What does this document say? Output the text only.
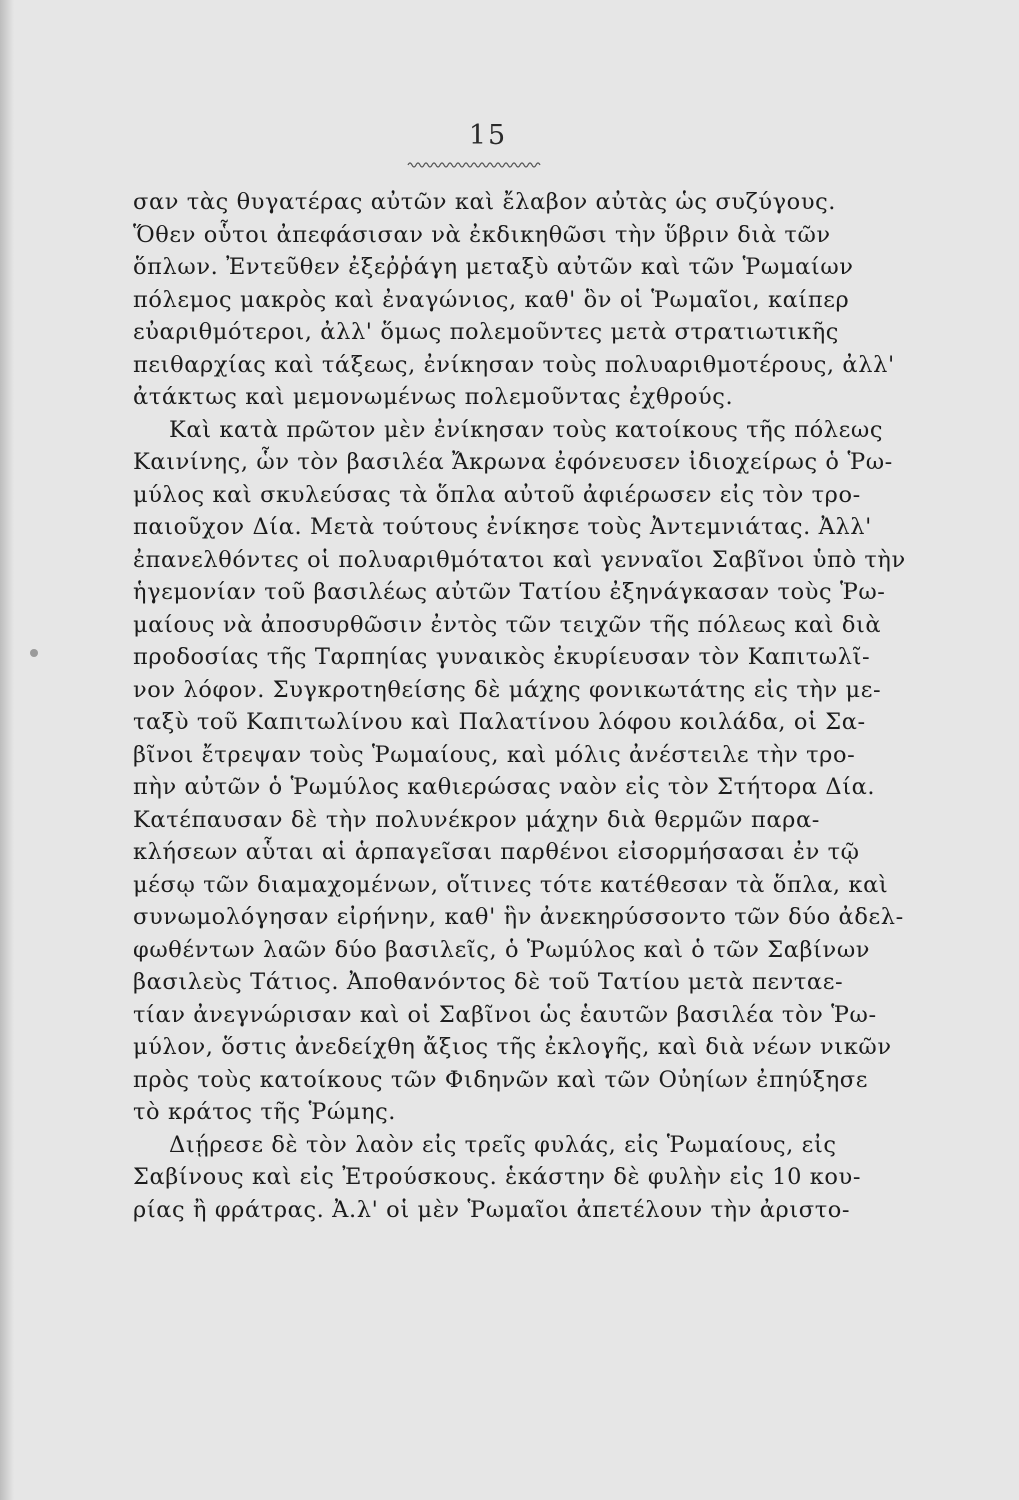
15
σαν τὰς θυγατέρας αὐτῶν καὶ ἔλαβον αὐτὰς ὡς συζύγους.
Ὅθεν οὗτοι ἀπεφάσισαν νὰ ἐκδικηθῶσι τὴν ὕβριν διὰ τῶν
ὅπλων. Ἐντεῦθεν ἐξεῤῥάγη μεταξὺ αὐτῶν καὶ τῶν Ῥωμαίων
πόλεμος μακρὸς καὶ ἐναγώνιος, καθ' ὃν οἱ Ῥωμαῖοι, καίπερ
εὐαριθμότεροι, ἀλλ' ὅμως πολεμοῦντες μετὰ στρατιωτικῆς
πειθαρχίας καὶ τάξεως, ἐνίκησαν τοὺς πολυαριθμοτέρους, ἀλλ'
ἀτάκτως καὶ μεμονωμένως πολεμοῦντας ἐχθρούς.
Καὶ κατὰ πρῶτον μὲν ἐνίκησαν τοὺς κατοίκους τῆς πόλεως
Καινίνης, ὧν τὸν βασιλέα Ἄκρωνα ἐφόνευσεν ἰδιοχείρως ὁ Ῥω-
μύλος καὶ σκυλεύσας τὰ ὅπλα αὐτοῦ ἀφιέρωσεν εἰς τὸν τρο-
παιοῦχον Δία. Μετὰ τούτους ἐνίκησε τοὺς Ἀντεμνιάτας. Ἀλλ'
ἐπανελθόντες οἱ πολυαριθμότατοι καὶ γενναῖοι Σαβῖνοι ὑπὸ τὴν
ἡγεμονίαν τοῦ βασιλέως αὐτῶν Τατίου ἐξηνάγκασαν τοὺς Ῥω-
μαίους νὰ ἀποσυρθῶσιν ἐντὸς τῶν τειχῶν τῆς πόλεως καὶ διὰ
προδοσίας τῆς Ταρπηίας γυναικὸς ἐκυρίευσαν τὸν Καπιτωλῖ-
νον λόφον. Συγκροτηθείσης δὲ μάχης φονικωτάτης εἰς τὴν με-
ταξὺ τοῦ Καπιτωλίνου καὶ Παλατίνου λόφου κοιλάδα, οἱ Σα-
βῖνοι ἔτρεψαν τοὺς Ῥωμαίους, καὶ μόλις ἀνέστειλε τὴν τρο-
πὴν αὐτῶν ὁ Ῥωμύλος καθιερώσας ναὸν εἰς τὸν Στήτορα Δία.
Κατέπαυσαν δὲ τὴν πολυνέκρον μάχην διὰ θερμῶν παρα-
κλήσεων αὗται αἱ ἁρπαγεῖσαι παρθένοι εἰσορμήσασαι ἐν τῷ
μέσῳ τῶν διαμαχομένων, οἵτινες τότε κατέθεσαν τὰ ὅπλα, καὶ
συνωμολόγησαν εἰρήνην, καθ' ἣν ἀνεκηρύσσοντο τῶν δύο ἀδελ-
φωθέντων λαῶν δύο βασιλεῖς, ὁ Ῥωμύλος καὶ ὁ τῶν Σαβίνων
βασιλεὺς Τάτιος. Ἀποθανόντος δὲ τοῦ Τατίου μετὰ πενταε-
τίαν ἀνεγνώρισαν καὶ οἱ Σαβῖνοι ὡς ἑαυτῶν βασιλέα τὸν Ῥω-
μύλον, ὅστις ἀνεδείχθη ἄξιος τῆς ἐκλογῆς, καὶ διὰ νέων νικῶν
πρὸς τοὺς κατοίκους τῶν Φιδηνῶν καὶ τῶν Οὐηίων ἐπηύξησε
τὸ κράτος τῆς Ῥώμης.
Διῄρεσε δὲ τὸν λαὸν εἰς τρεῖς φυλάς, εἰς Ῥωμαίους, εἰς
Σαβίνους καὶ εἰς Ἐτρούσκους. ἑκάστην δὲ φυλὴν εἰς 10 κου-
ρίας ἢ φράτρας. Ἀ.λ' οἱ μὲν Ῥωμαῖοι ἀπετέλουν τὴν ἀριστο-
